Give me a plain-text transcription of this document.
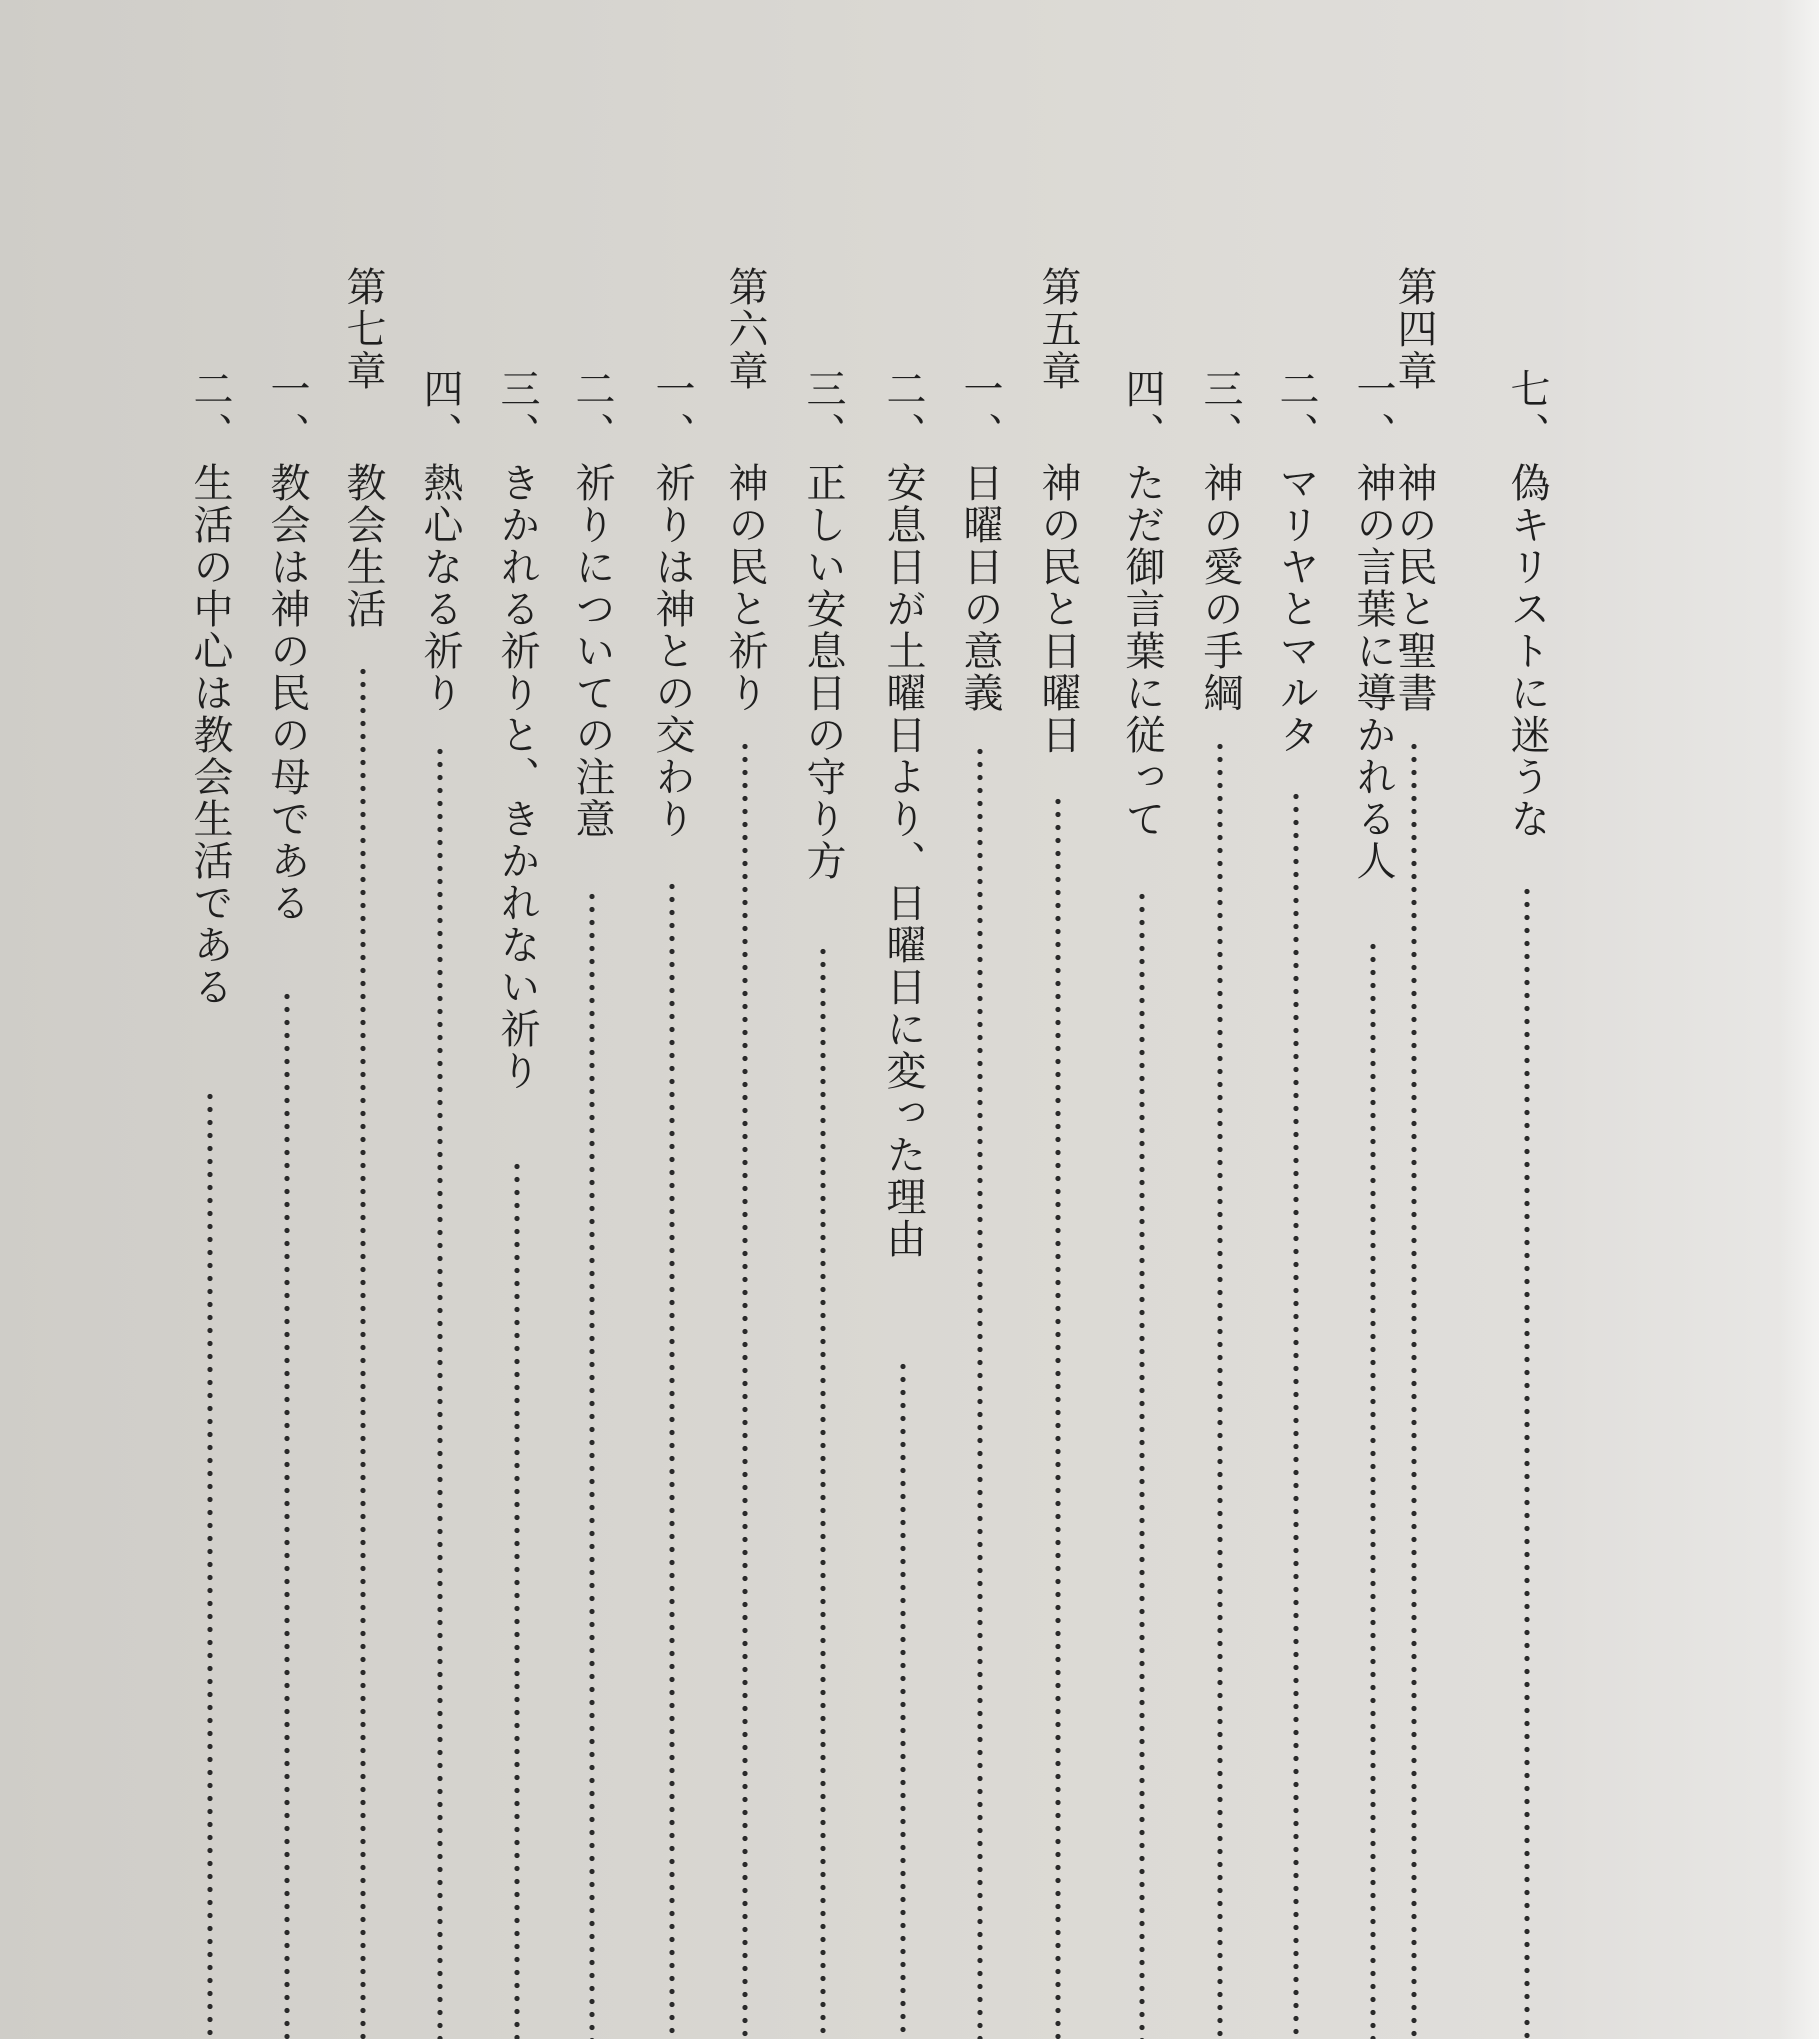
七、
偽キリストに迷うな
第四章
神の民と聖書
一、
神の言葉に導かれる人
二、
マリヤとマルタ
三、
神の愛の手綱
四、
ただ御言葉に従って
第五章
神の民と日曜日
一、
日曜日の意義
二、
安息日が土曜日より、日曜日に変った理由
三、
正しい安息日の守り方
第六章
神の民と祈り
一、
祈りは神との交わり
二、
祈りについての注意
三、
きかれる祈りと、きかれない祈り
四、
熱心なる祈り
第七章
教会生活
一、
教会は神の民の母である
二、
生活の中心は教会生活である
